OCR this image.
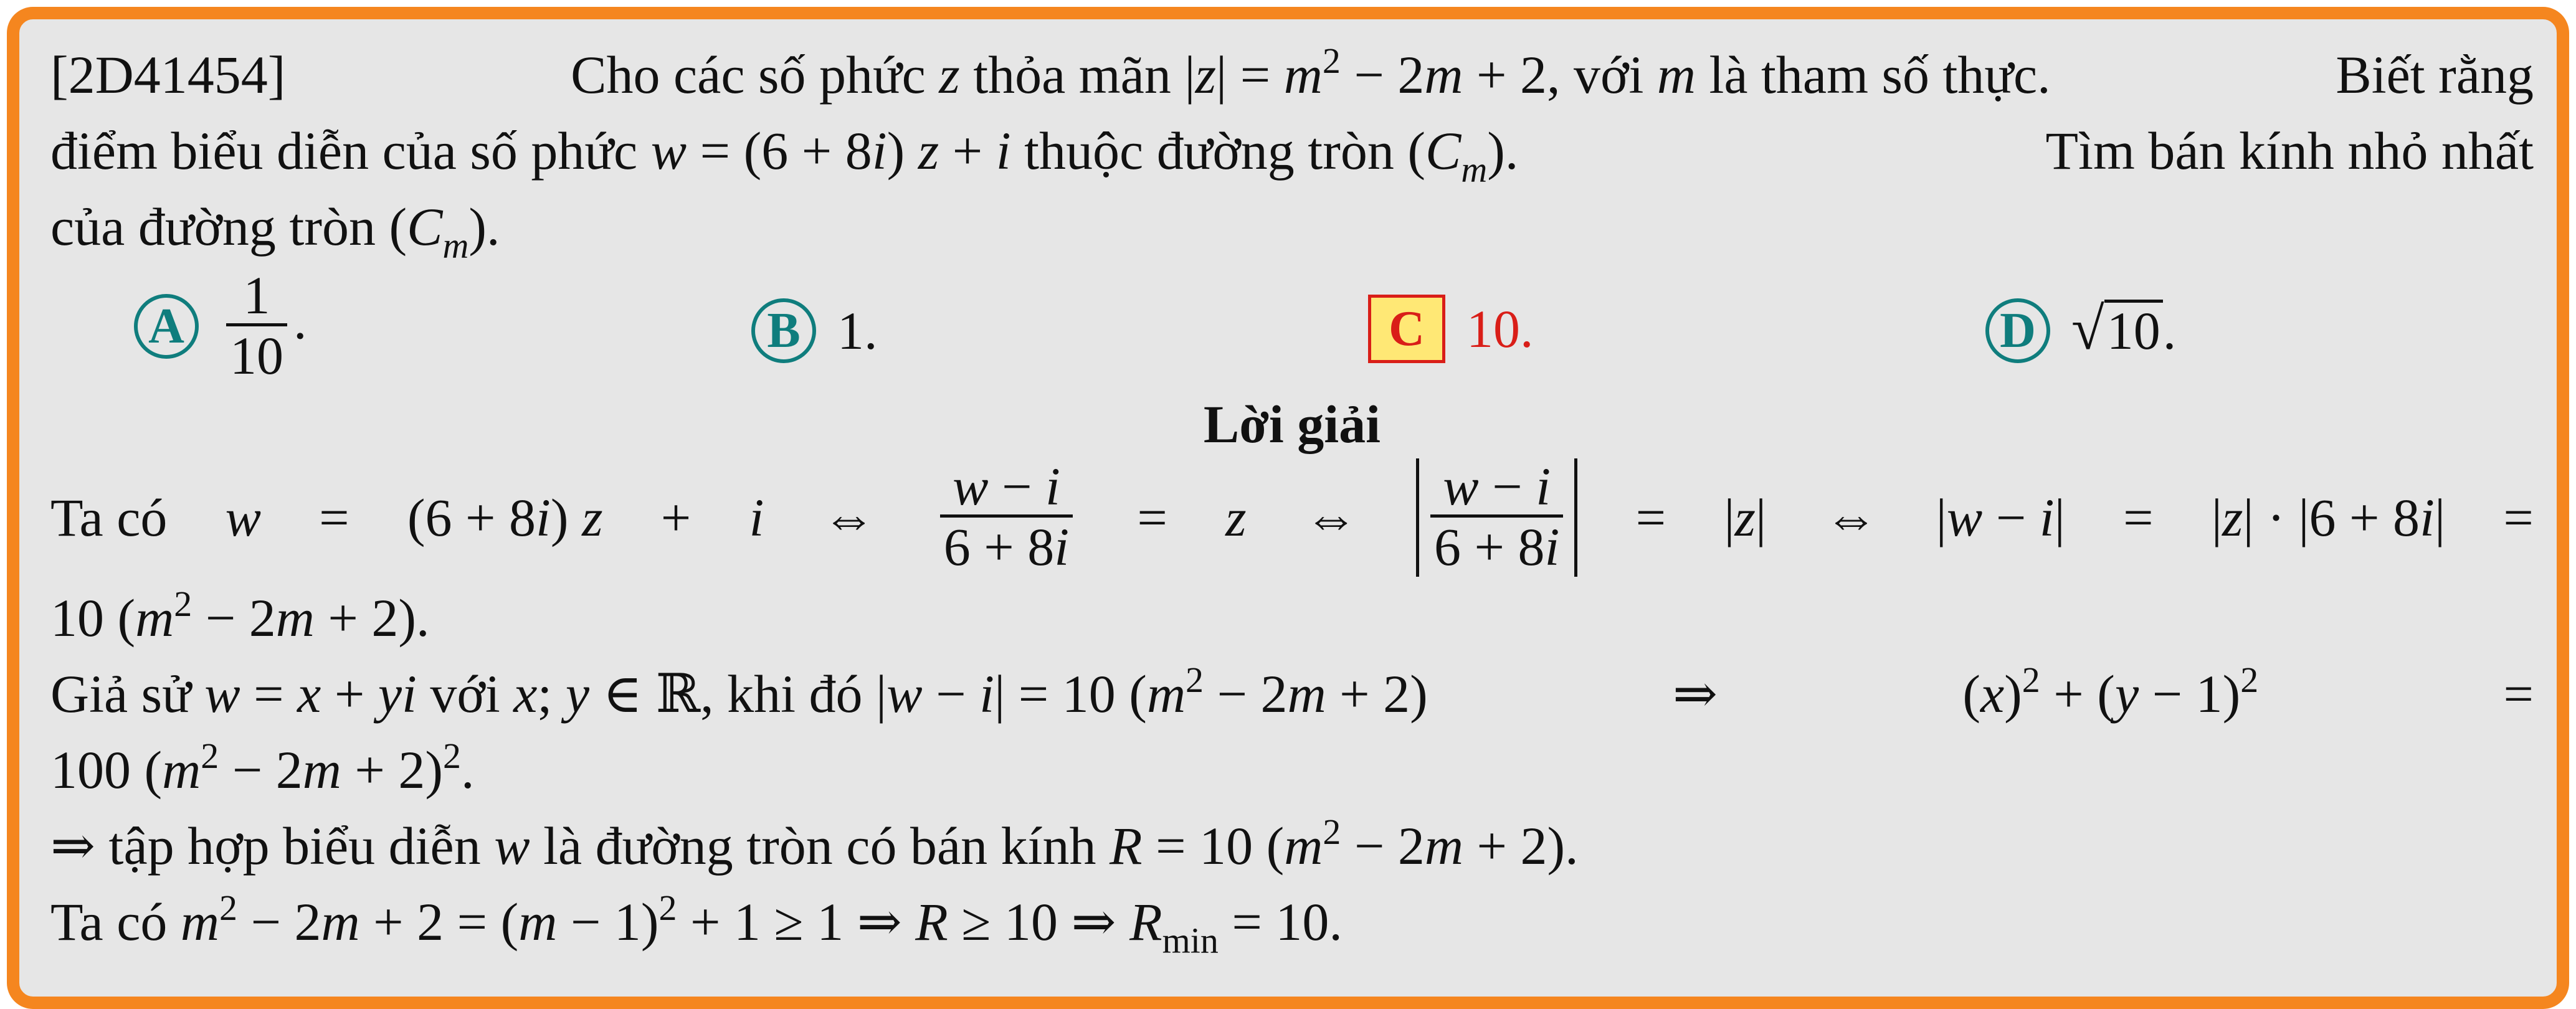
[2D41454]	Cho các số phức z thỏa mãn $|z| = m^2 - 2m + 2$, với m là tham số thực.	Biết rằng
điểm biểu diễn của số phức w = (6 + 8i) z + i thuộc đường tròn $(C_m)$.	Tìm bán kính nhỏ nhất
của đường tròn $(C_m)$.
A $\frac{1}{10}$ .	B 1.	C 10.	D √ 10 .
Lời giải
Ta có w = (6 + 8i) z + i ⇔ $\frac{w - i}{6 + 8i} = z$ ⇔ $\frac{w - i}{6 + 8i} = |z|$ ⇔ |w − i| = |z| · |6 + 8i| =
10 $(m^2 - 2m + 2)$.
Giả sử w = x + yi với x; y ∈ ℝ, khi đó |w − i| = 10 $(m^2 - 2m + 2)$	⇒	$(x)^2 + (y - 1)^2$	=
100 $(m^2 - 2m + 2)^2$.
⇒ tập hợp biểu diễn w là đường tròn có bán kính R = 10 $(m^2 - 2m + 2)$.
Ta có $m^2 - 2m + 2 = (m - 1)^2 + 1 \ge 1$ ⇒ R ≥ 10 ⇒ $R_{min} = 10$.
